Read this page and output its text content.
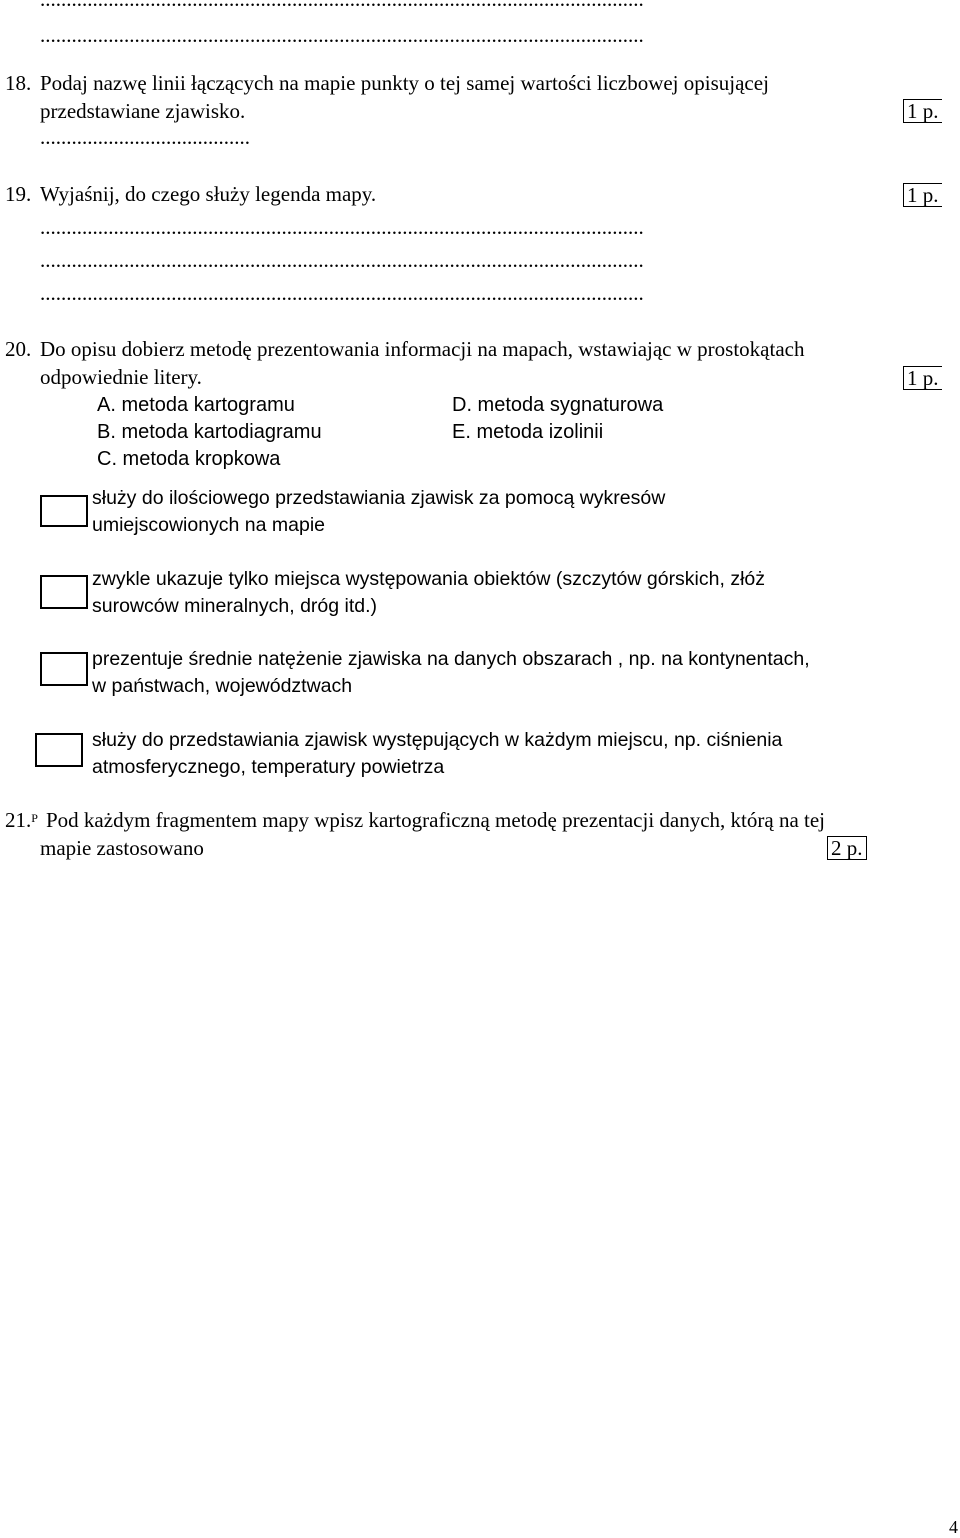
...................................................................................................................
18. Podaj nazwę linii łączących na mapie punkty o tej samej wartości liczbowej opisującej
przedstawiane zjawisko.	1 p.
........................................
19. Wyjaśnij, do czego służy legenda mapy.	1 p.
...................................................................................................................
...................................................................................................................
...................................................................................................................
20. Do opisu dobierz metodę prezentowania informacji na mapach, wstawiając w prostokątach
odpowiednie litery.	1 p.
A. metoda kartogramu	D. metoda sygnaturowa
B. metoda kartodiagramu	E. metoda izolinii
C. metoda kropkowa
służy do ilościowego przedstawiania zjawisk za pomocą wykresów
umiejscowionych na mapie
zwykle ukazuje tylko miejsca występowania obiektów (szczytów górskich, złóż
surowców mineralnych, dróg itd.)
prezentuje średnie natężenie zjawiska na danych obszarach , np. na kontynentach,
w państwach, województwach
służy do przedstawiania zjawisk występujących w każdym miejscu, np. ciśnienia
atmosferycznego, temperatury powietrza
21.$^P$ Pod każdym fragmentem mapy wpisz kartograficzną metodę prezentacji danych, którą na tej
mapie zastosowano	2 p.
4
